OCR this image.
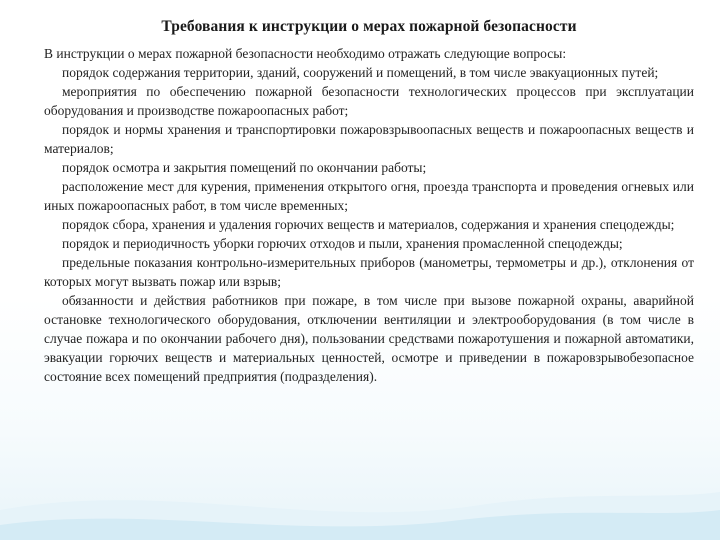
Требования к инструкции о мерах пожарной безопасности

В инструкции о мерах пожарной безопасности необходимо отражать следующие вопросы:

порядок содержания территории, зданий, сооружений и помещений, в том числе эвакуационных путей;
мероприятия по обеспечению пожарной безопасности технологических процессов при эксплуатации оборудования и производстве пожароопасных работ;
порядок и нормы хранения и транспортировки пожаровзрывоопасных веществ и пожароопасных веществ и материалов;
порядок осмотра и закрытия помещений по окончании работы;
расположение мест для курения, применения открытого огня, проезда транспорта и проведения огневых или иных пожароопасных работ, в том числе временных;
порядок сбора, хранения и удаления горючих веществ и материалов, содержания и хранения спецодежды;
порядок и периодичность уборки горючих отходов и пыли, хранения промасленной спецодежды;
предельные показания контрольно-измерительных приборов (манометры, термометры и др.), отклонения от которых могут вызвать пожар или взрыв;
обязанности и действия работников при пожаре, в том числе при вызове пожарной охраны, аварийной остановке технологического оборудования, отключении вентиляции и электрооборудования (в том числе в случае пожара и по окончании рабочего дня), пользовании средствами пожаротушения и пожарной автоматики, эвакуации горючих веществ и материальных ценностей, осмотре и приведении в пожаровзрывобезопасное состояние всех помещений предприятия (подразделения).
